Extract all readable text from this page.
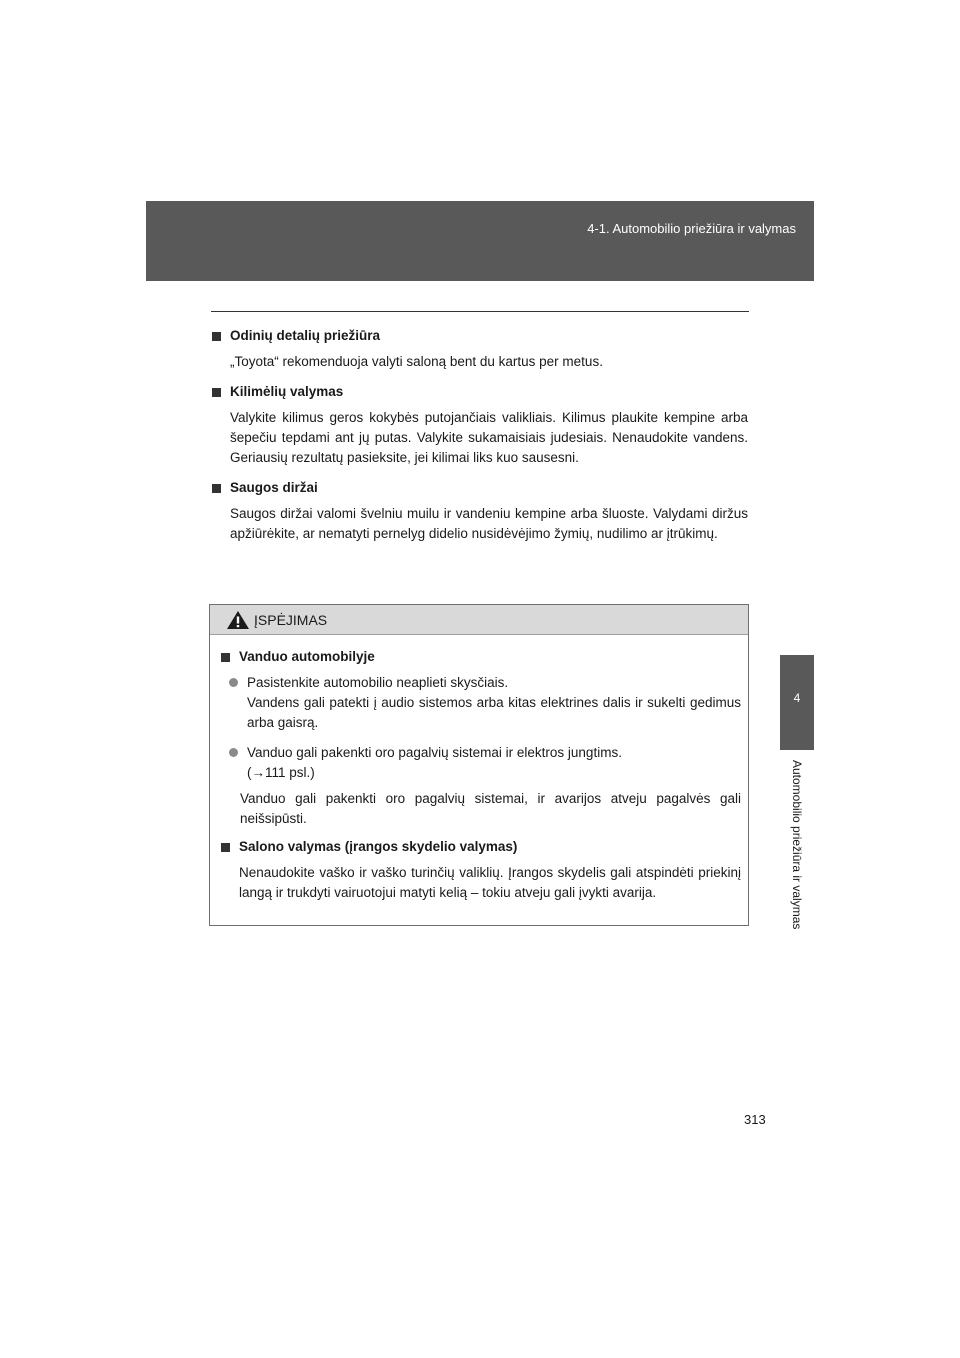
4-1. Automobilio priežiūra ir valymas
4
Automobilio priežiūra ir valymas
Odinių detalių priežiūra
„Toyota“ rekomenduoja valyti saloną bent du kartus per metus.
Kilimėlių valymas
Valykite kilimus geros kokybės putojančiais valikliais. Kilimus plaukite kempine arba šepečiu tepdami ant jų putas. Valykite sukamaisiais judesiais. Nenaudokite vandens. Geriausių rezultatų pasieksite, jei kilimai liks kuo sausesni.
Saugos diržai
Saugos diržai valomi švelniu muilu ir vandeniu kempine arba šluoste. Valydami diržus apžiūrėkite, ar nematyti pernelyg didelio nusidėvėjimo žymių, nudilimo ar įtrūkimų.
ĮSPĖJIMAS
Vanduo automobilyje
Pasistenkite automobilio neaplieti skysčiais.
Vandens gali patekti į audio sistemos arba kitas elektrines dalis ir sukelti gedimus arba gaisrą.
Vanduo gali pakenkti oro pagalvių sistemai ir elektros jungtims.
(→111 psl.)
Vanduo gali pakenkti oro pagalvių sistemai, ir avarijos atveju pagalvės gali neišsipūsti.
Salono valymas (įrangos skydelio valymas)
Nenaudokite vaško ir vaško turinčių valiklių. Įrangos skydelis gali atspindėti priekinį langą ir trukdyti vairuotojui matyti kelią – tokiu atveju gali įvykti avarija.
313
